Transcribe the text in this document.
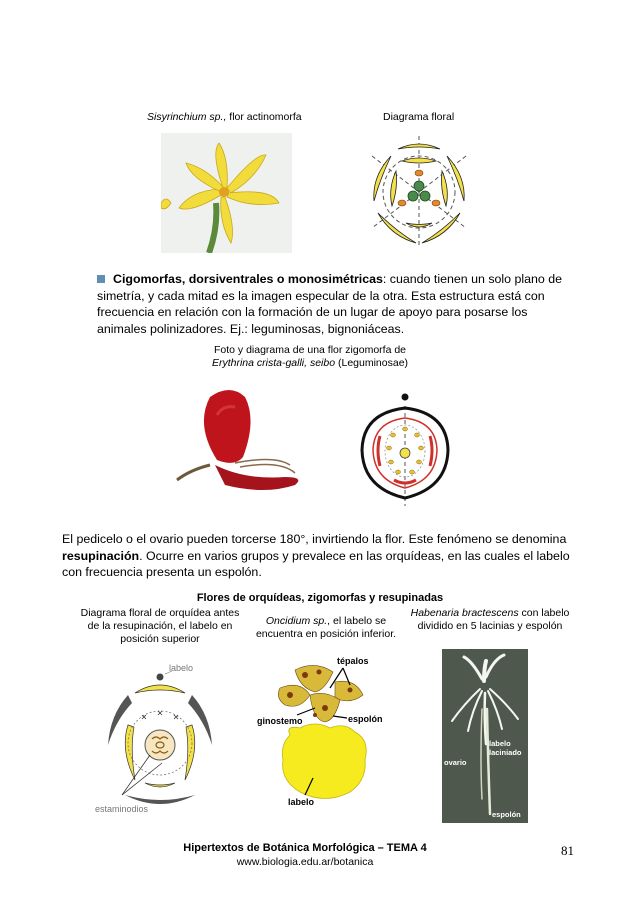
Sisyrinchium sp., flor actinomorfa	Diagrama floral
Cigomorfas, dorsiventrales o monosimétricas: cuando tienen un solo plano de simetría, y cada mitad es la imagen especular de la otra. Esta estructura está con frecuencia en relación con la formación de un lugar de apoyo para posarse los animales polinizadores. Ej.: leguminosas, bignoniáceas.
Foto y diagrama de una flor zigomorfa de
Erythrina crista-galli, seibo (Leguminosae)
El pedicelo o el ovario pueden torcerse 180°, invirtiendo la flor. Este fenómeno se denomina resupinación. Ocurre en varios grupos y prevalece en las orquídeas, en las cuales el labelo con frecuencia presenta un espolón.
Flores de orquídeas, zigomorfas y resupinadas
Diagrama floral de orquídea antes de la resupinación, el labelo en posición superior
Oncidium sp., el labelo se encuentra en posición inferior.
Habenaria bractescens con labelo dividido en 5 lacinias y espolón
labelo
estaminodios
tépalos
ginostemo	espolón
labelo
labelo
laciniado
ovario
espolón
Hipertextos de Botánica Morfológica – TEMA 4
www.biologia.edu.ar/botanica
81
